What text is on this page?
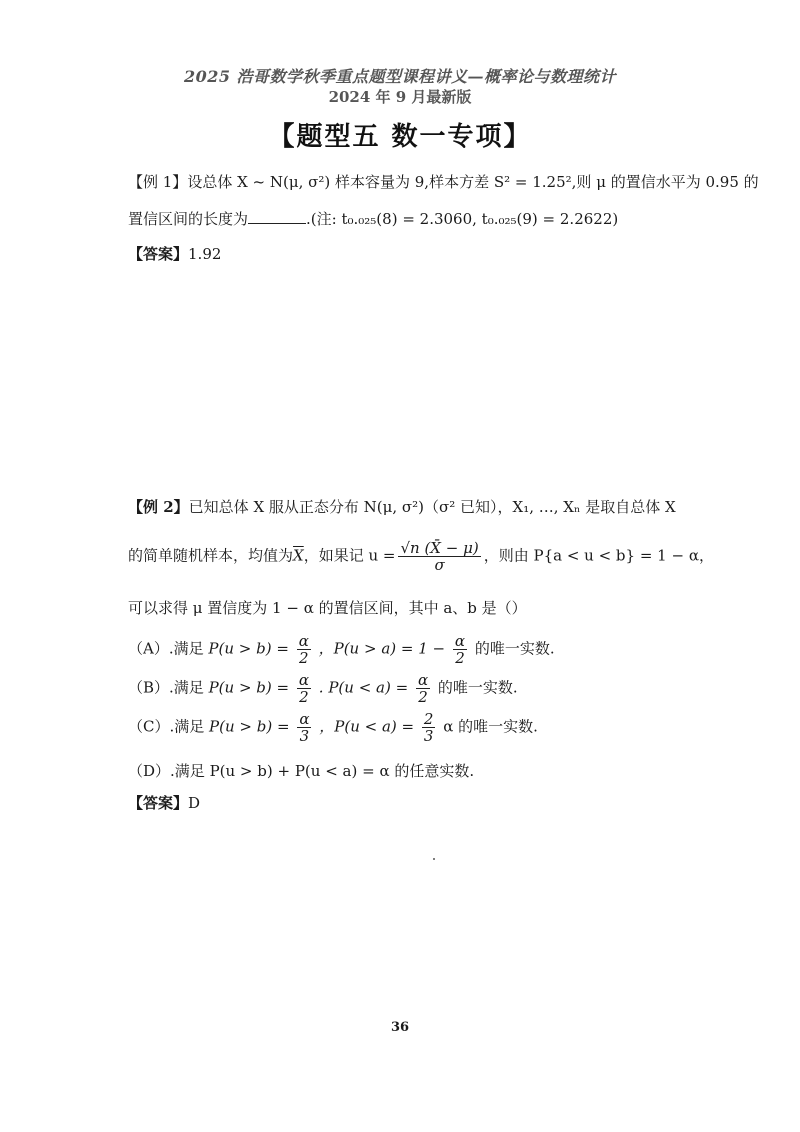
2025 浩哥数学秋季重点题型课程讲义—概率论与数理统计
2024 年 9 月最新版
【题型五 数一专项】
【例 1】设总体 X ~ N(μ, σ²) 样本容量为 9,样本方差 S² = 1.25²,则 μ 的置信水平为 0.95 的
置信区间的长度为	.(注: t₀.₀₂₅(8) = 2.3060, t₀.₀₂₅(9) = 2.2622)
【答案】1.92
【例 2】已知总体 X 服从正态分布 N(μ, σ²)（σ² 已知），X₁, …, Xₙ 是取自总体 X
的简单随机样本，均值为$\overline{X}$，如果记 $u = \frac{√n (X̄ - \mu)}{\sigma}$ ，则由 P{a < u < b} = 1 − α，
可以求得 μ 置信度为 1 − α 的置信区间，其中 a、b 是（）
（A）.满足 $P(u > b) = \frac{\alpha}{2}$ ，$P(u > a) = 1 - \frac{\alpha}{2}$ 的唯一实数.
（B）.满足 $P(u > b) = \frac{\alpha}{2}$ . $P(u < a) = \frac{\alpha}{2}$ 的唯一实数.
（C）.满足 $P(u > b) = \frac{\alpha}{3}$ ，$P(u < a) = \frac{2}{3}$ α 的唯一实数.
（D）.满足 P(u > b) + P(u < a) = α 的任意实数.
【答案】D
36
